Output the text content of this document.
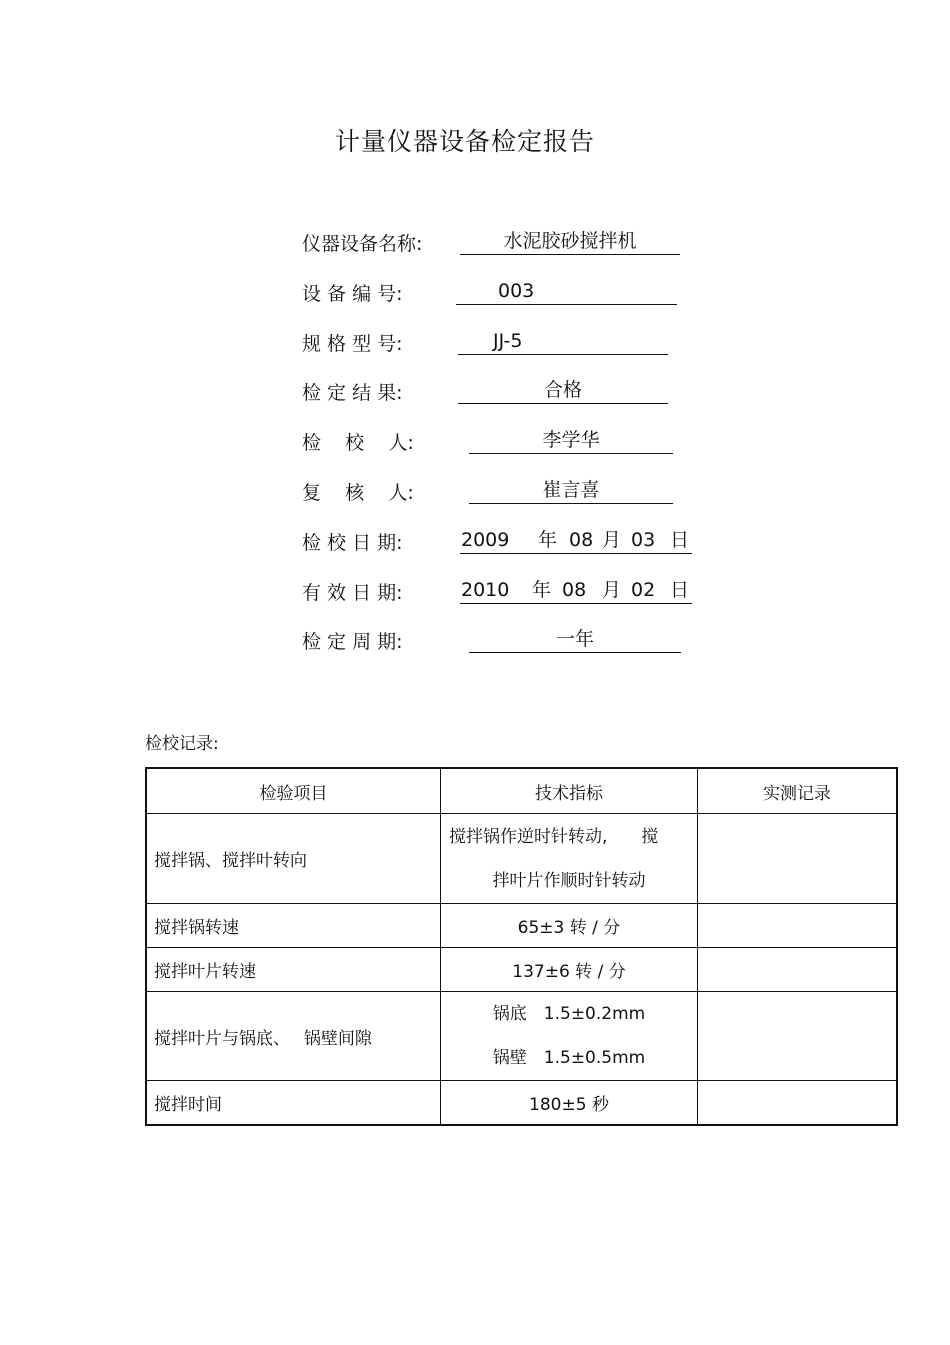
计量仪器设备检定报告
仪器设备名称:	水泥胶砂搅拌机
设 备 编 号:	003
规 格 型 号:	JJ-5
检 定 结 果:	合格
检    校    人:	李学华
复    核    人:	崔言喜
检 校 日 期:	2009 年 08 月 03 日
有 效 日 期:	2010 年 08 月 02 日
检 定 周 期:	一年
检校记录:
检验项目	技术指标	实测记录
搅拌锅、搅拌叶转向	搅拌锅作逆时针转动,　　搅
拌叶片作顺时针转动	

搅拌锅转速	65±3 转 / 分	
搅拌叶片转速	137±6 转 / 分	
搅拌叶片与锅底、　 锅壁间隙	锅底　1.5±0.2mm
锅壁　1.5±0.5mm	

搅拌时间	180±5 秒	
